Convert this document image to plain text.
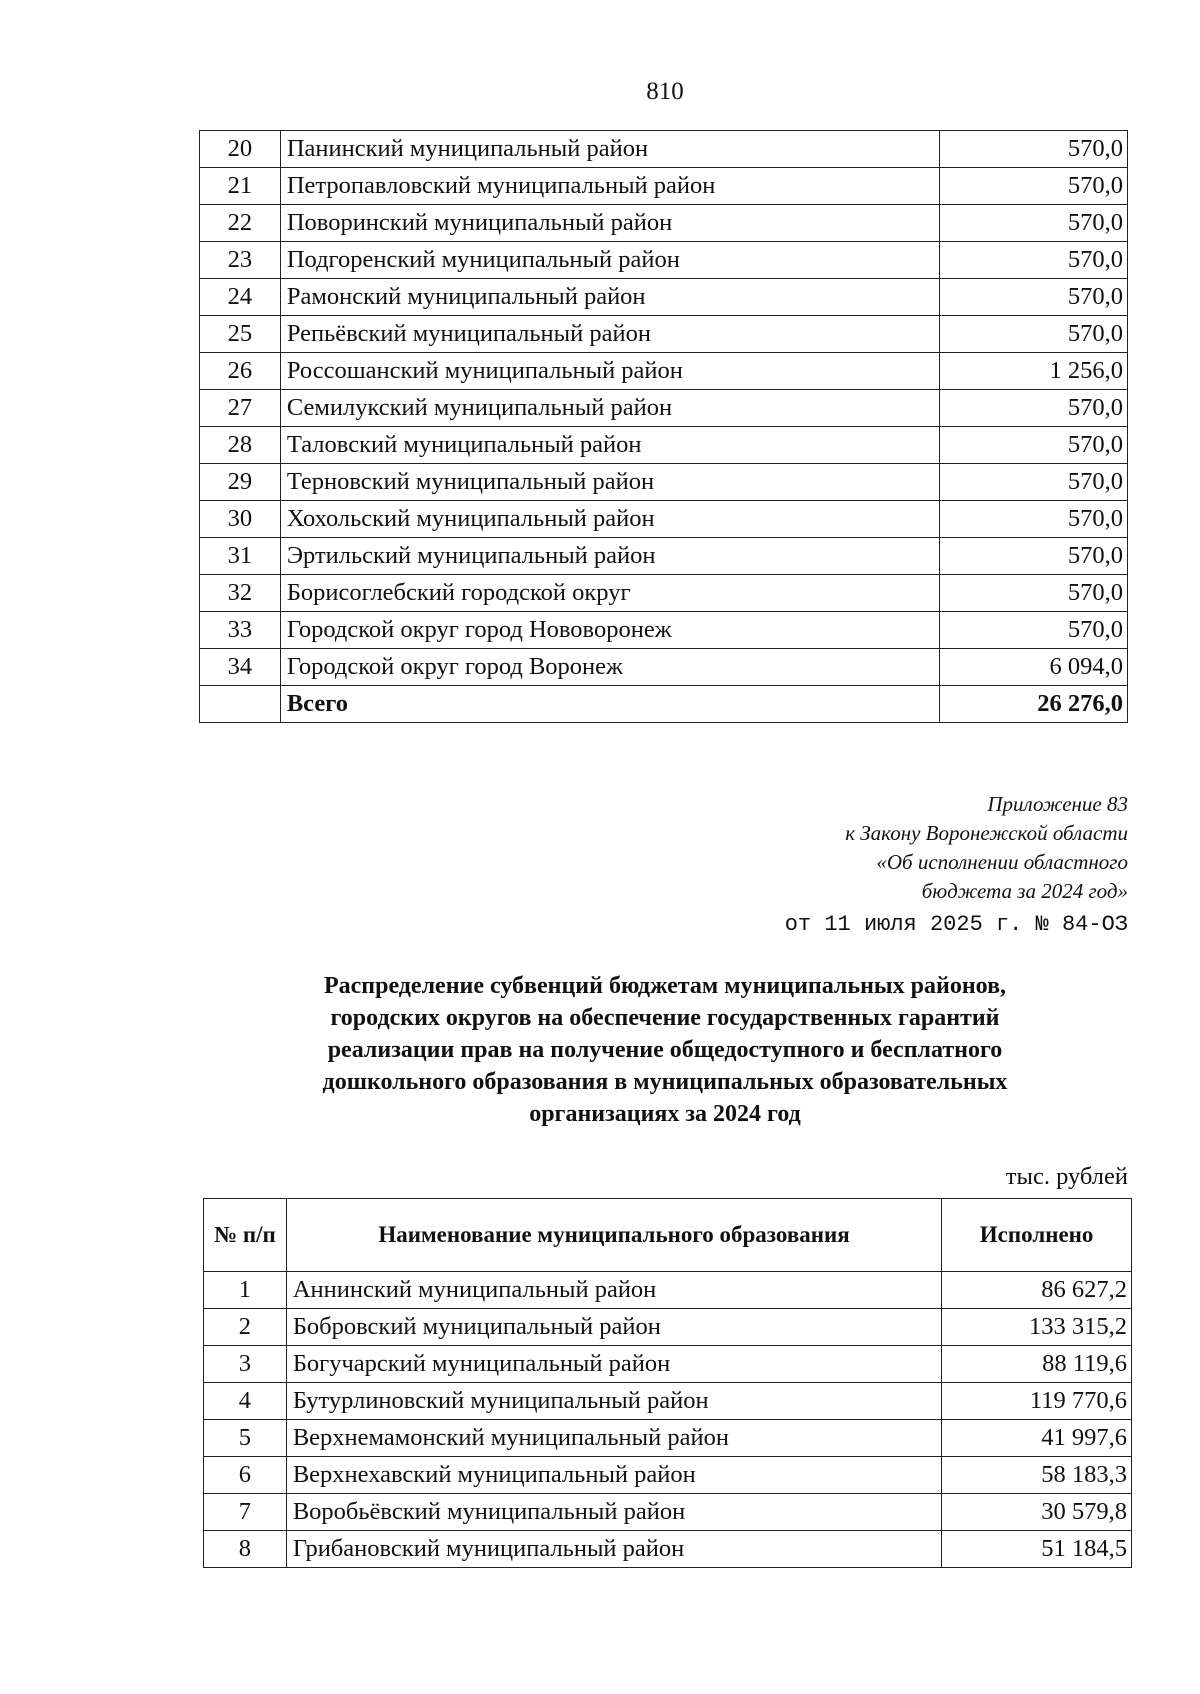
810
20	Панинский муниципальный район	570,0
21	Петропавловский муниципальный район	570,0
22	Поворинский муниципальный район	570,0
23	Подгоренский муниципальный район	570,0
24	Рамонский муниципальный район	570,0
25	Репьёвский муниципальный район	570,0
26	Россошанский муниципальный район	1 256,0
27	Семилукский муниципальный район	570,0
28	Таловский муниципальный район	570,0
29	Терновский муниципальный район	570,0
30	Хохольский муниципальный район	570,0
31	Эртильский муниципальный район	570,0
32	Борисоглебский городской округ	570,0
33	Городской округ город Нововоронеж	570,0
34	Городской округ город Воронеж	6 094,0
	Всего	26 276,0
Приложение 83
к Закону Воронежской области
«Об исполнении областного
бюджета за 2024 год»
от 11 июля 2025 г. № 84-ОЗ
Распределение субвенций бюджетам муниципальных районов,
городских округов на обеспечение государственных гарантий
реализации прав на получение общедоступного и бесплатного
дошкольного образования в муниципальных образовательных
организациях за 2024 год
тыс. рублей
№ п/п	Наименование муниципального образования	Исполнено
1	Аннинский муниципальный район	86 627,2
2	Бобровский муниципальный район	133 315,2
3	Богучарский муниципальный район	88 119,6
4	Бутурлиновский муниципальный район	119 770,6
5	Верхнемамонский муниципальный район	41 997,6
6	Верхнехавский муниципальный район	58 183,3
7	Воробьёвский муниципальный район	30 579,8
8	Грибановский муниципальный район	51 184,5
